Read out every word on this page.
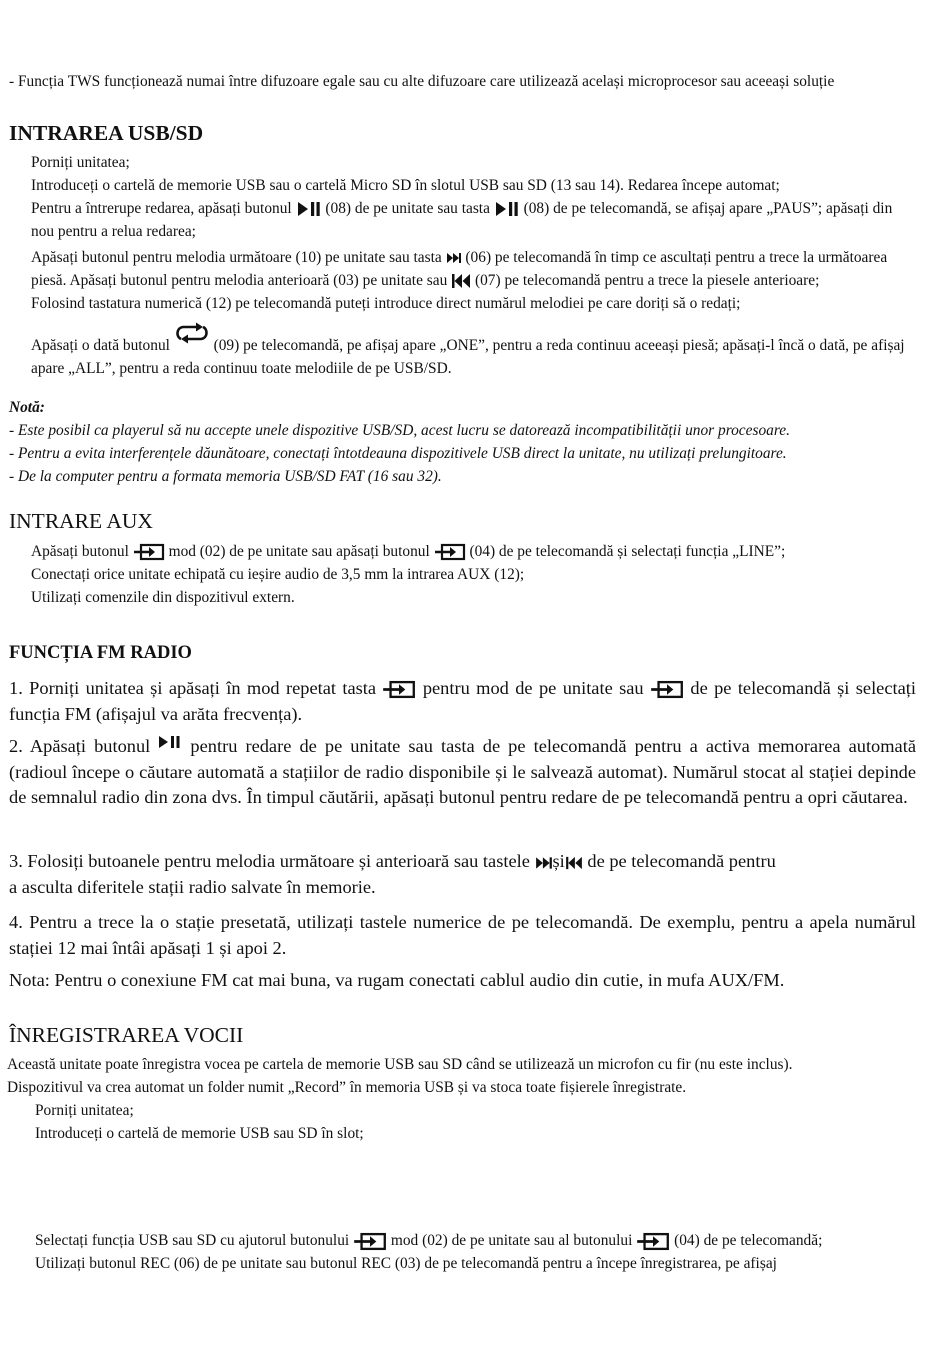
- Funcția TWS funcționează numai între difuzoare egale sau cu alte difuzoare care utilizează același microprocesor sau aceeași soluție
INTRAREA USB/SD
Porniți unitatea;
Introduceți o cartelă de memorie USB sau o cartelă Micro SD în slotul USB sau SD (13 sau 14). Redarea începe automat;
Pentru a întrerupe redarea, apăsați butonul
(08) de pe unitate sau tasta
(08) de pe telecomandă, se afișaj apare „PAUS”; apăsați din nou pentru a relua redarea;
Apăsați butonul pentru melodia următoare (10) pe unitate sau tasta
(06) pe telecomandă în timp ce ascultați pentru a trece la următoarea piesă. Apăsați butonul pentru melodia anterioară (03) pe unitate sau
(07) pe telecomandă pentru a trece la piesele anterioare;
Folosind tastatura numerică (12) pe telecomandă puteți introduce direct numărul melodiei pe care doriți să o redați;
Apăsați o dată butonul
(09) pe telecomandă, pe afișaj apare „ONE”, pentru a reda continuu aceeași piesă; apăsați-l încă o dată, pe afișaj apare „ALL”, pentru a reda continuu toate melodiile de pe USB/SD.
Notă:
- Este posibil ca playerul să nu accepte unele dispozitive USB/SD, acest lucru se datorează incompatibilității unor procesoare.
- Pentru a evita interferențele dăunătoare, conectați întotdeauna dispozitivele USB direct la unitate, nu utilizați prelungitoare.
- De la computer pentru a formata memoria USB/SD FAT (16 sau 32).
INTRARE AUX
Apăsați butonul
mod (02) de pe unitate sau apăsați butonul
(04) de pe telecomandă și selectați funcția „LINE”;
Conectați orice unitate echipată cu ieșire audio de 3,5 mm la intrarea AUX (12);
Utilizați comenzile din dispozitivul extern.
FUNCȚIA FM RADIO
1. Porniți unitatea și apăsați în mod repetat tasta
pentru mod de pe unitate sau
de pe telecomandă și selectați funcția FM (afișajul va arăta frecvența).
2. Apăsați butonul
pentru redare de pe unitate sau tasta de pe telecomandă pentru a activa memorarea automată (radioul începe o căutare automată a stațiilor de radio disponibile și le salvează automat). Numărul stocat al stației depinde de semnalul radio din zona dvs. În timpul căutării, apăsați butonul pentru redare de pe telecomandă pentru a opri căutarea.
3. Folosiți butoanele pentru melodia următoare și anterioară sau tastele
și
de pe telecomandă pentru
a asculta diferitele stații radio salvate în memorie.
4. Pentru a trece la o stație presetată, utilizați tastele numerice de pe telecomandă. De exemplu, pentru a apela numărul stației 12 mai întâi apăsați 1 și apoi 2.
Nota: Pentru o conexiune FM cat mai buna, va rugam conectati cablul audio din cutie, in mufa AUX/FM.
ÎNREGISTRAREA VOCII
Această unitate poate înregistra vocea pe cartela de memorie USB sau SD când se utilizează un microfon cu fir (nu este inclus).
Dispozitivul va crea automat un folder numit „Record” în memoria USB și va stoca toate fișierele înregistrate.
Porniți unitatea;
Introduceți o cartelă de memorie USB sau SD în slot;
Selectați funcția USB sau SD cu ajutorul butonului
mod (02) de pe unitate sau al butonului
(04) de pe telecomandă;
Utilizați butonul REC (06) de pe unitate sau butonul REC (03) de pe telecomandă pentru a începe înregistrarea, pe afișaj
